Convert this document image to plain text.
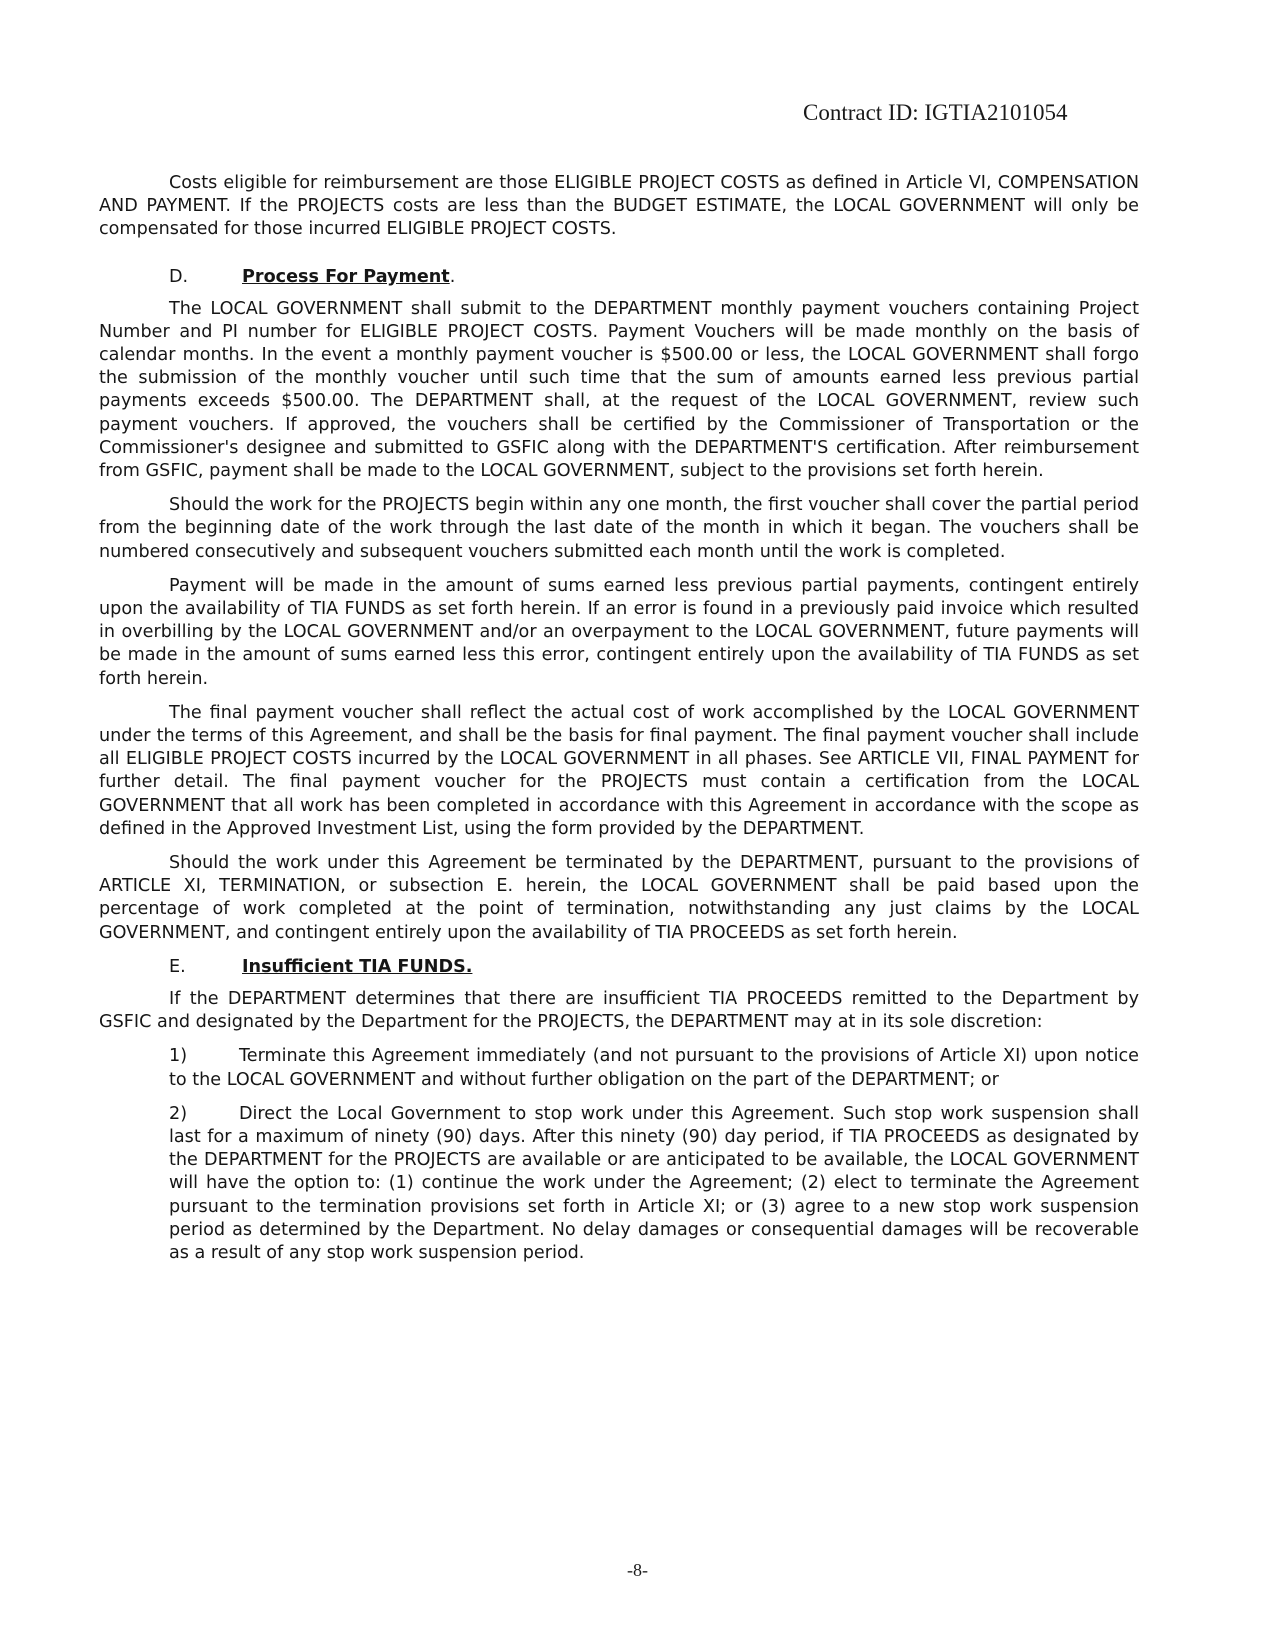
Contract ID: IGTIA2101054

Costs eligible for reimbursement are those ELIGIBLE PROJECT COSTS as defined in Article VI, COMPENSATION AND PAYMENT. If the PROJECTS costs are less than the BUDGET ESTIMATE, the LOCAL GOVERNMENT will only be compensated for those incurred ELIGIBLE PROJECT COSTS.

D.	Process For Payment.

The LOCAL GOVERNMENT shall submit to the DEPARTMENT monthly payment vouchers containing Project Number and PI number for ELIGIBLE PROJECT COSTS. Payment Vouchers will be made monthly on the basis of calendar months. In the event a monthly payment voucher is $500.00 or less, the LOCAL GOVERNMENT shall forgo the submission of the monthly voucher until such time that the sum of amounts earned less previous partial payments exceeds $500.00. The DEPARTMENT shall, at the request of the LOCAL GOVERNMENT, review such payment vouchers. If approved, the vouchers shall be certified by the Commissioner of Transportation or the Commissioner's designee and submitted to GSFIC along with the DEPARTMENT'S certification. After reimbursement from GSFIC, payment shall be made to the LOCAL GOVERNMENT, subject to the provisions set forth herein.

Should the work for the PROJECTS begin within any one month, the first voucher shall cover the partial period from the beginning date of the work through the last date of the month in which it began. The vouchers shall be numbered consecutively and subsequent vouchers submitted each month until the work is completed.

Payment will be made in the amount of sums earned less previous partial payments, contingent entirely upon the availability of TIA FUNDS as set forth herein. If an error is found in a previously paid invoice which resulted in overbilling by the LOCAL GOVERNMENT and/or an overpayment to the LOCAL GOVERNMENT, future payments will be made in the amount of sums earned less this error, contingent entirely upon the availability of TIA FUNDS as set forth herein.

The final payment voucher shall reflect the actual cost of work accomplished by the LOCAL GOVERNMENT under the terms of this Agreement, and shall be the basis for final payment. The final payment voucher shall include all ELIGIBLE PROJECT COSTS incurred by the LOCAL GOVERNMENT in all phases. See ARTICLE VII, FINAL PAYMENT for further detail. The final payment voucher for the PROJECTS must contain a certification from the LOCAL GOVERNMENT that all work has been completed in accordance with this Agreement in accordance with the scope as defined in the Approved Investment List, using the form provided by the DEPARTMENT.

Should the work under this Agreement be terminated by the DEPARTMENT, pursuant to the provisions of ARTICLE XI, TERMINATION, or subsection E. herein, the LOCAL GOVERNMENT shall be paid based upon the percentage of work completed at the point of termination, notwithstanding any just claims by the LOCAL GOVERNMENT, and contingent entirely upon the availability of TIA PROCEEDS as set forth herein.

E.	Insufficient TIA FUNDS.

If the DEPARTMENT determines that there are insufficient TIA PROCEEDS remitted to the Department by GSFIC and designated by the Department for the PROJECTS, the DEPARTMENT may at in its sole discretion:

1)	Terminate this Agreement immediately (and not pursuant to the provisions of Article XI) upon notice to the LOCAL GOVERNMENT and without further obligation on the part of the DEPARTMENT; or

2)	Direct the Local Government to stop work under this Agreement. Such stop work suspension shall last for a maximum of ninety (90) days. After this ninety (90) day period, if TIA PROCEEDS as designated by the DEPARTMENT for the PROJECTS are available or are anticipated to be available, the LOCAL GOVERNMENT will have the option to: (1) continue the work under the Agreement; (2) elect to terminate the Agreement pursuant to the termination provisions set forth in Article XI; or (3) agree to a new stop work suspension period as determined by the Department. No delay damages or consequential damages will be recoverable as a result of any stop work suspension period.

-8-
